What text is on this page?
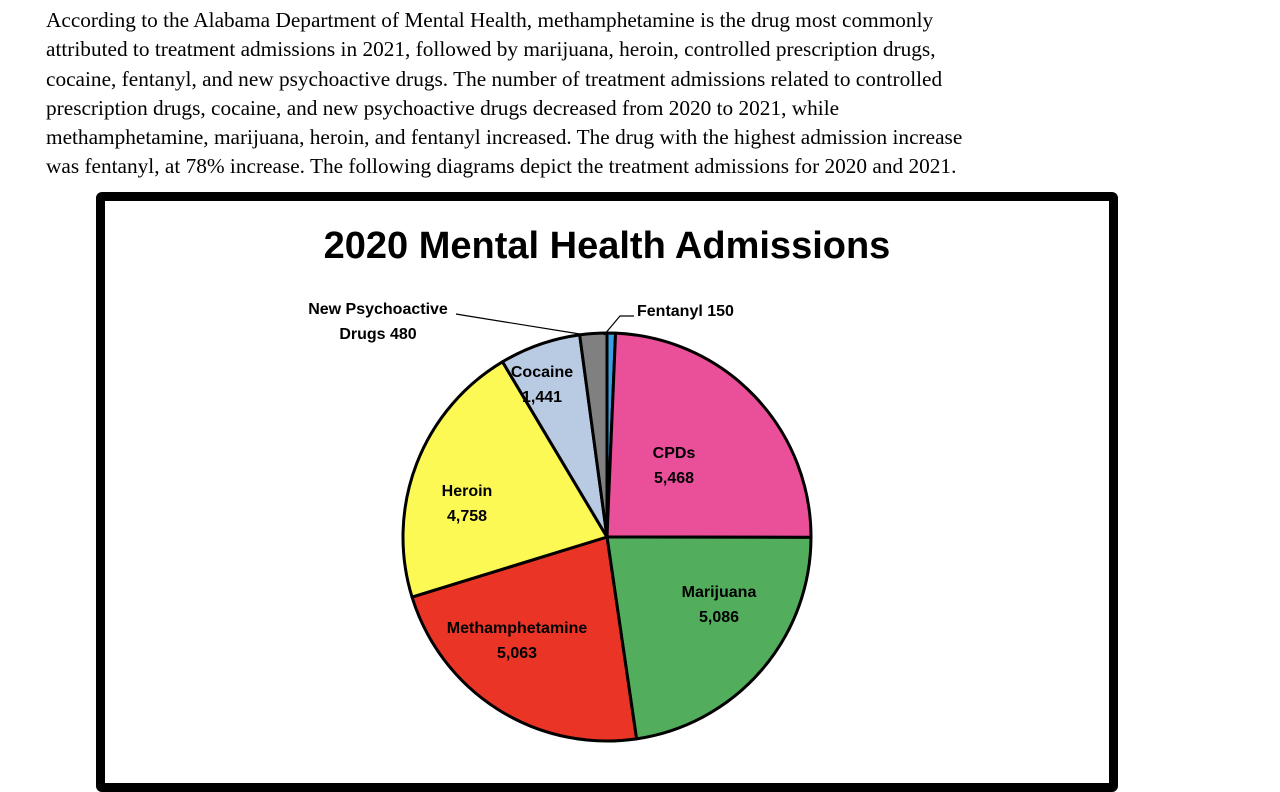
According to the Alabama Department of Mental Health, methamphetamine is the drug most commonly
attributed to treatment admissions in 2021, followed by marijuana, heroin, controlled prescription drugs,
cocaine, fentanyl, and new psychoactive drugs. The number of treatment admissions related to controlled
prescription drugs, cocaine, and new psychoactive drugs decreased from 2020 to 2021, while
methamphetamine, marijuana, heroin, and fentanyl increased. The drug with the highest admission increase
was fentanyl, at 78% increase. The following diagrams depict the treatment admissions for 2020 and 2021.
2020 Mental Health Admissions
Fentanyl 150
CPDs 5,468
Marijuana 5,086
Methamphetamine 5,063
Heroin 4,758
Cocaine 1,441
New Psychoactive Drugs 480
